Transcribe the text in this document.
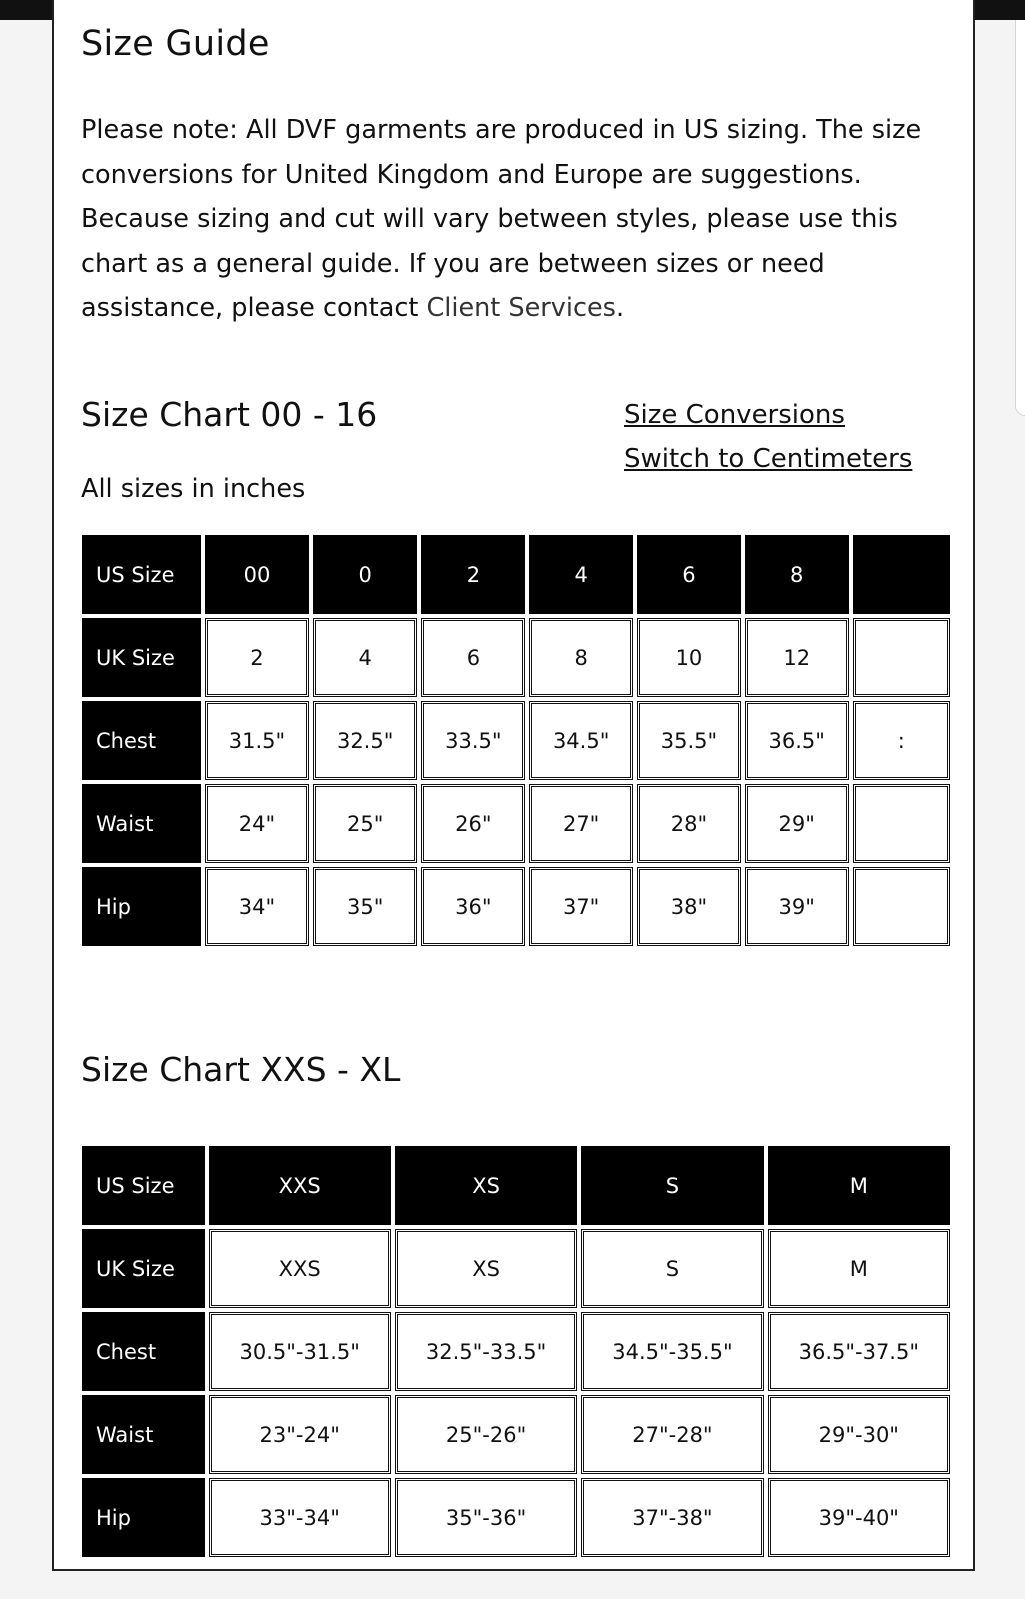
Size Guide

Please note: All DVF garments are produced in US sizing. The size conversions for United Kingdom and Europe are suggestions. Because sizing and cut will vary between styles, please use this chart as a general guide. If you are between sizes or need assistance, please contact Client Services.

Size Chart 00 - 16	Size Conversions
Switch to Centimeters

All sizes in inches

US Size	00	0	2	4	6	8	
UK Size	2	4	6	8	10	12	
Chest	31.5"	32.5"	33.5"	34.5"	35.5"	36.5"	:
Waist	24"	25"	26"	27"	28"	29"	
Hip	34"	35"	36"	37"	38"	39"	
Size Chart XXS - XL
US Size	XXS	XS	S	M
UK Size	XXS	XS	S	M
Chest	30.5"-31.5"	32.5"-33.5"	34.5"-35.5"	36.5"-37.5"
Waist	23"-24"	25"-26"	27"-28"	29"-30"
Hip	33"-34"	35"-36"	37"-38"	39"-40"
